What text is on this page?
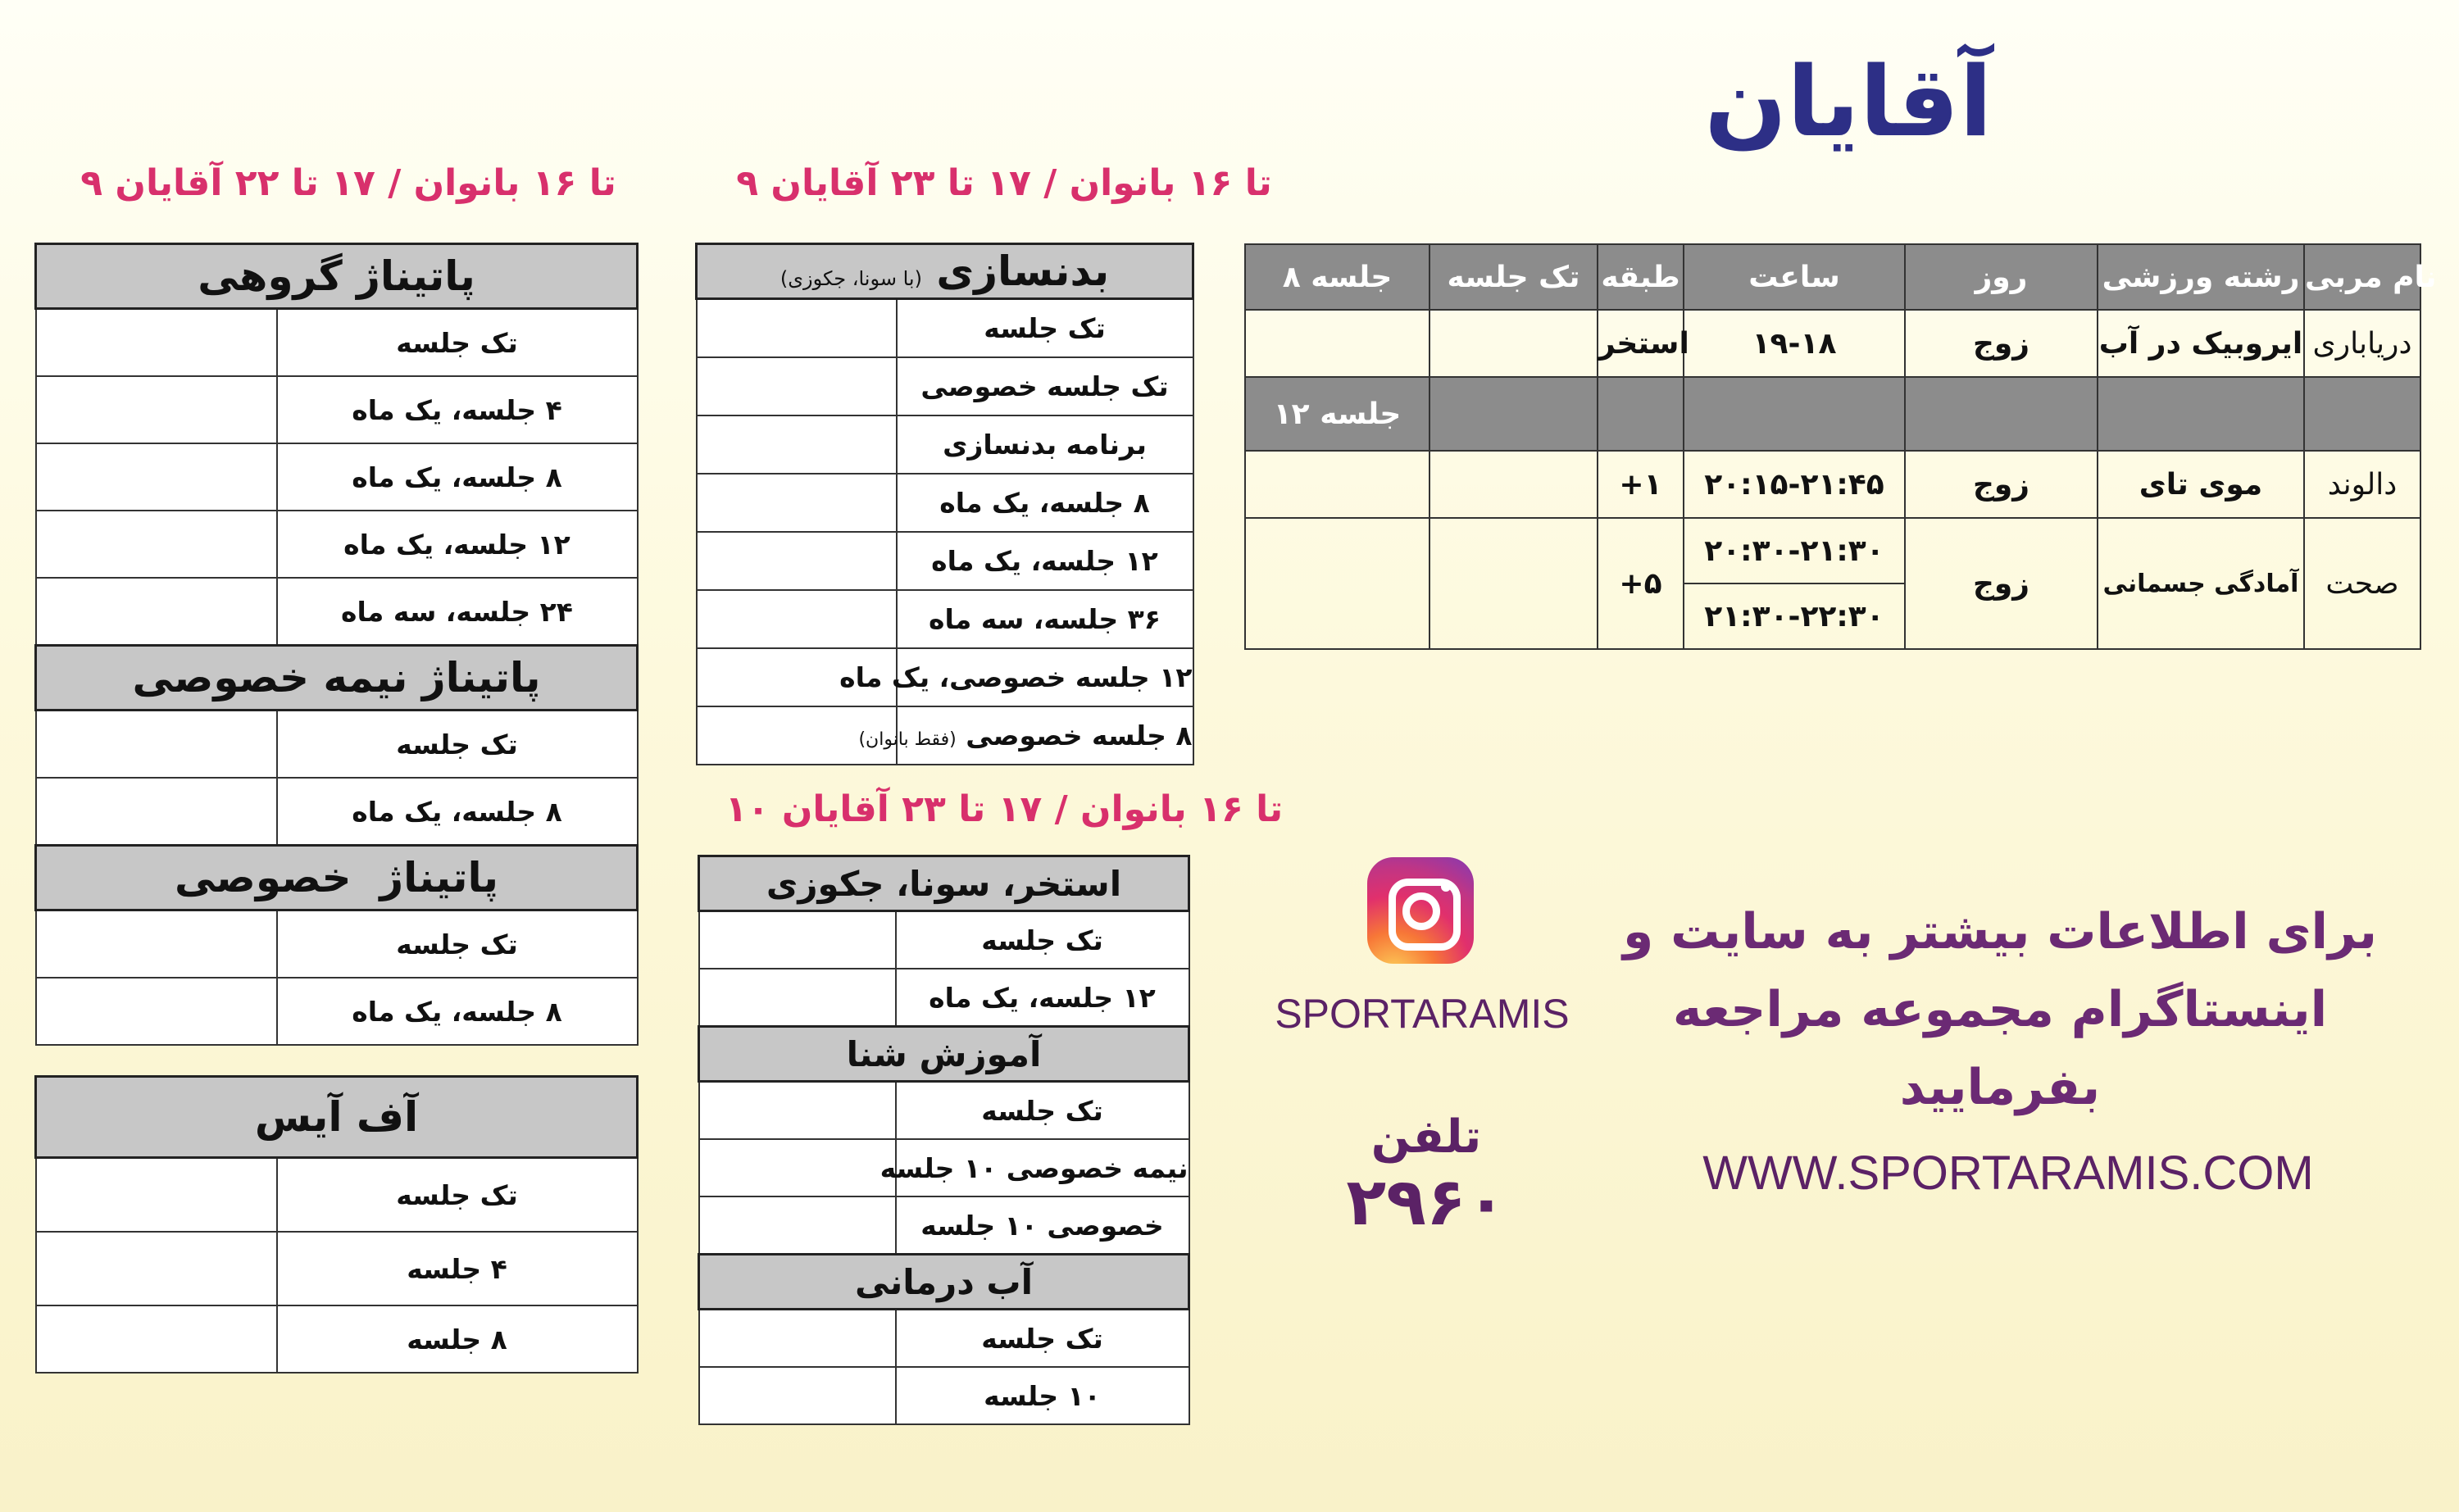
آقایان
۸ جلسه	تک جلسه	طبقه	ساعت	روز	رشته ورزشی	نام مربی
		استخر	۱۹-۱۸	زوج	ایروبیک در آب	دریاباری
۱۲ جلسه						
		+۱	۲۰:۱۵-۲۱:۴۵	زوج	موی تای	دالوند
		+۵	۲۰:۳۰-۲۱:۳۰	زوج	آمادگی جسمانی	صحت
			۲۱:۳۰-۲۲:۳۰			
۹ تا ۱۶ بانوان / ۱۷ تا ۲۲ آقایان
پاتیناژ گروهی	
تک جلسه	
۴ جلسه، یک ماه	
۸ جلسه، یک ماه	
۱۲ جلسه، یک ماه	
۲۴ جلسه، سه ماه	
پاتیناژ نیمه خصوصی	
تک جلسه	
۸ جلسه، یک ماه	
پاتیناژ  خصوصی	
تک جلسه	
۸ جلسه، یک ماه	

آف آیس	
تک جلسه	
۴ جلسه	
۸ جلسه	
۹ تا ۱۶ بانوان / ۱۷ تا ۲۳ آقایان
بدنسازی (با سونا، جکوزی)	
تک جلسه	
تک جلسه خصوصی	
برنامه بدنسازی	
۸ جلسه، یک ماه	
۱۲ جلسه، یک ماه	
۳۶ جلسه، سه ماه	
۱۲ جلسه خصوصی، یک ماه	
۸ جلسه خصوصی (فقط بانوان)	
۱۰ تا ۱۶ بانوان / ۱۷ تا ۲۳ آقایان
استخر، سونا، جکوزی	
تک جلسه	
۱۲ جلسه، یک ماه	
آموزش شنا	
تک جلسه	
نیمه خصوصی ۱۰ جلسه	
خصوصی ۱۰ جلسه	
آب درمانی	
تک جلسه	
۱۰ جلسه	
SPORTARAMIS
برای اطلاعات بیشتر به سایت و
اینستاگرام مجموعه مراجعه بفرمایید
تلفن
۲۹۶۰	WWW.SPORTARAMIS.COM
